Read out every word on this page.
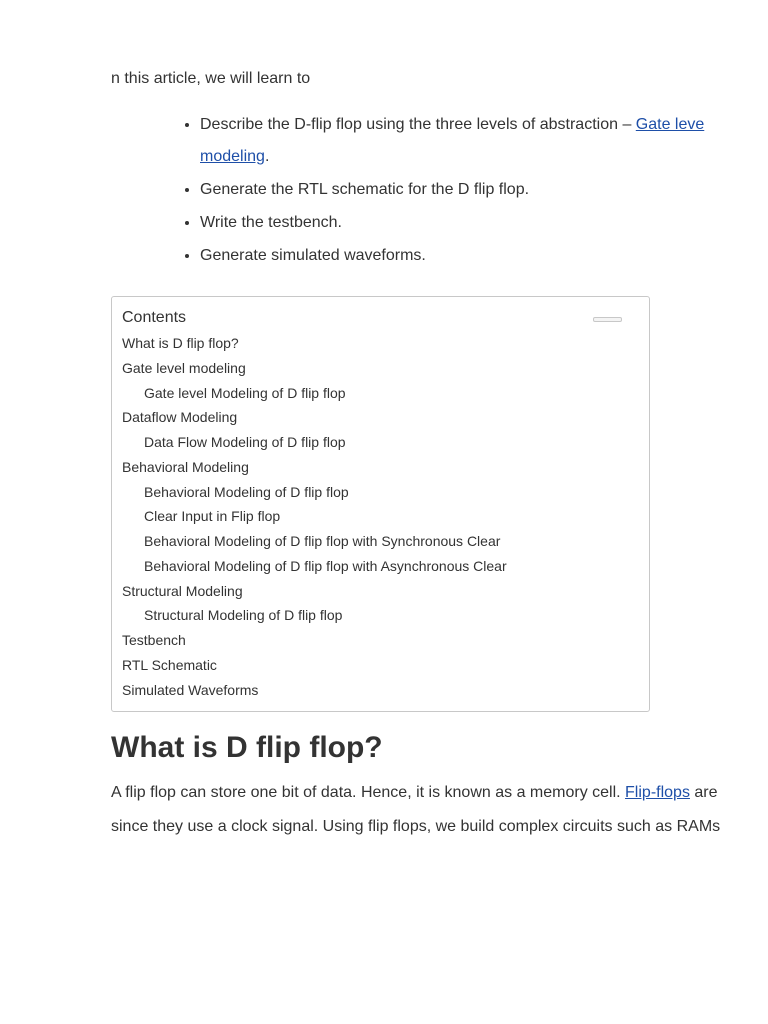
n this article, we will learn to
Describe the D-flip flop using the three levels of abstraction – Gate leve
modeling.
Generate the RTL schematic for the D flip flop.
Write the testbench.
Generate simulated waveforms.
Contents
What is D flip flop?
Gate level modeling
Gate level Modeling of D flip flop
Dataflow Modeling
Data Flow Modeling of D flip flop
Behavioral Modeling
Behavioral Modeling of D flip flop
Clear Input in Flip flop
Behavioral Modeling of D flip flop with Synchronous Clear
Behavioral Modeling of D flip flop with Asynchronous Clear
Structural Modeling
Structural Modeling of D flip flop
Testbench
RTL Schematic
Simulated Waveforms
What is D flip flop?
A flip flop can store one bit of data. Hence, it is known as a memory cell. Flip-flops are
since they use a clock signal. Using flip flops, we build complex circuits such as RAMs
